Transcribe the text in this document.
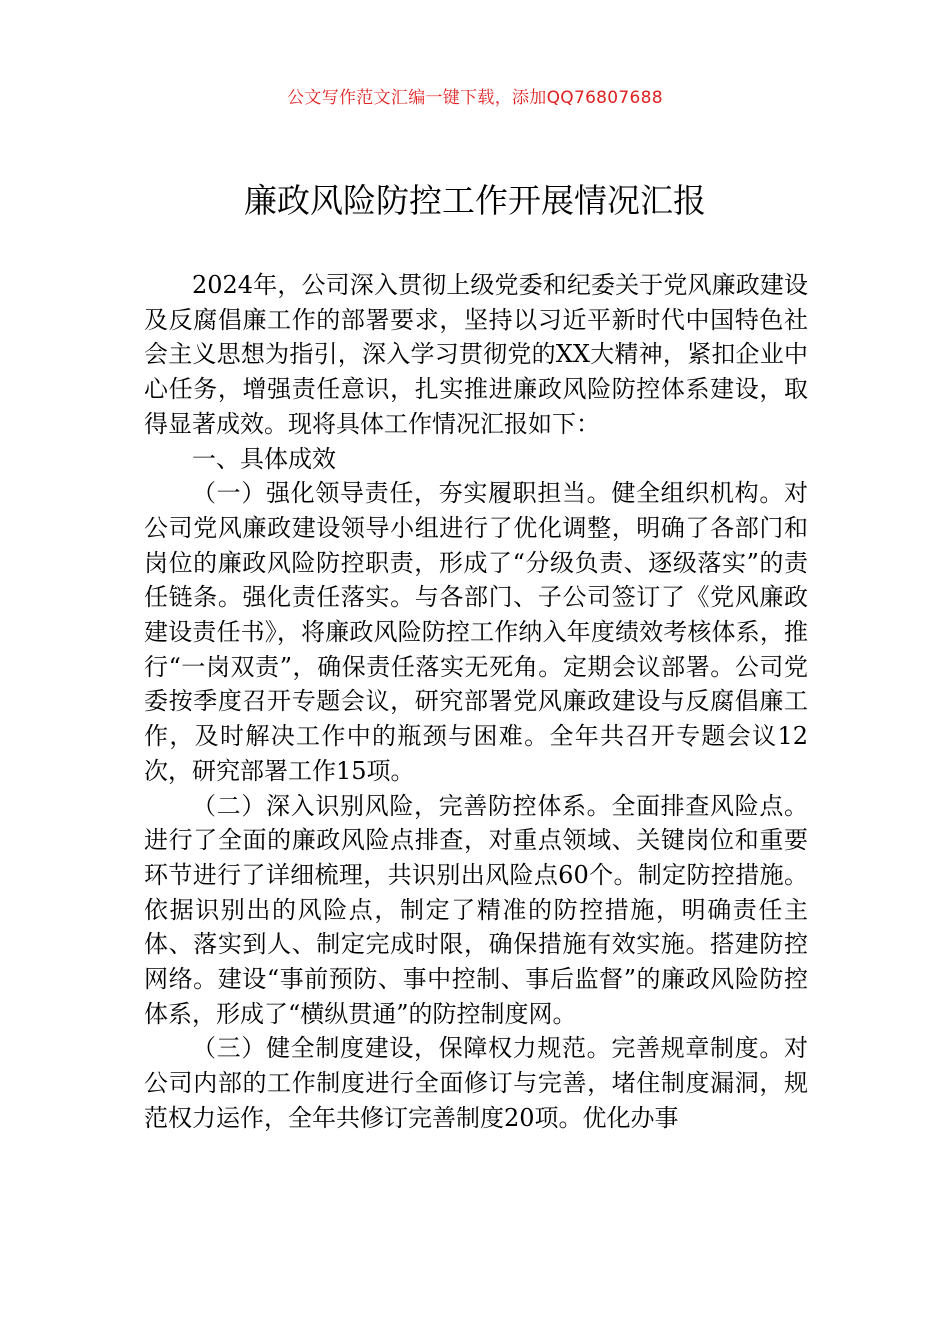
公文写作范文汇编一键下载，添加QQ76807688

廉政风险防控工作开展情况汇报

2024年，公司深入贯彻上级党委和纪委关于党风廉政建设及反腐倡廉工作的部署要求，坚持以习近平新时代中国特色社会主义思想为指引，深入学习贯彻党的XX大精神，紧扣企业中心任务，增强责任意识，扎实推进廉政风险防控体系建设，取得显著成效。现将具体工作情况汇报如下：

一、具体成效

（一）强化领导责任，夯实履职担当。健全组织机构。对公司党风廉政建设领导小组进行了优化调整，明确了各部门和岗位的廉政风险防控职责，形成了“分级负责、逐级落实”的责任链条。强化责任落实。与各部门、子公司签订了《党风廉政建设责任书》，将廉政风险防控工作纳入年度绩效考核体系，推行“一岗双责”，确保责任落实无死角。定期会议部署。公司党委按季度召开专题会议，研究部署党风廉政建设与反腐倡廉工作，及时解决工作中的瓶颈与困难。全年共召开专题会议12次，研究部署工作15项。

（二）深入识别风险，完善防控体系。全面排查风险点。进行了全面的廉政风险点排查，对重点领域、关键岗位和重要环节进行了详细梳理，共识别出风险点60个。制定防控措施。依据识别出的风险点，制定了精准的防控措施，明确责任主体、落实到人、制定完成时限，确保措施有效实施。搭建防控网络。建设“事前预防、事中控制、事后监督”的廉政风险防控体系，形成了“横纵贯通”的防控制度网。

（三）健全制度建设，保障权力规范。完善规章制度。对公司内部的工作制度进行全面修订与完善，堵住制度漏洞，规范权力运作，全年共修订完善制度20项。优化办事
